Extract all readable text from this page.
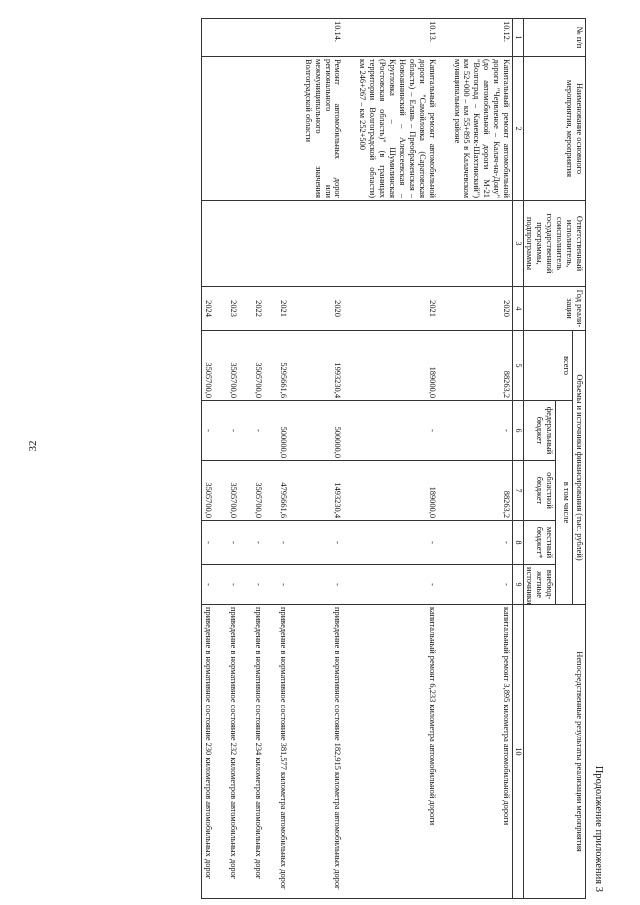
32
Продолжение приложения 3
№ п/п	Наименование основного мероприятия, мероприятия	Ответственный исполнитель, соисполнитель государственной программы, подпрограммы	Год реали-зации	Объемы и источники финансирования (тыс. рублей)					Непосредственные результаты реализации мероприятия
				всего	в том числе				
					федеральный бюджет	областной бюджет	местный бюджет*	внебюд-жетные источники	
1	2	3	4	5	6	7	8	9	10
10.12.	Капитальный ремонт автомобильной дороги "Червленое – Калач-на-Дону" (до автомобильной дороги М-21 "Волгоград – Каменск-Шахтинский") км 52+000 – км 55+895 в Калачевском муниципальном районе		2020	88263,2	-	88263,2	-	-	капитальный ремонт 3,895 километра автомобильной дороги
10.13.	Капитальный ремонт автомобильной дороги "Самойловка (Саратовская область) – Елань – Преображенская – Новоаннинский – Алексеевская – Кругловка – Шумилинская (Ростовская область)" (в границах территории Волгоградской области) км 246+267 – км 252+500		2021	189000,0	-	189000,0	-	-	капитальный ремонт 6,233 километра автомобильной дороги
10.14.	Ремонт автомобильных дорог регионального или межмуниципального значения Волгоградской области		2020	1993230,4	500000,0	1493230,4	-	-	приведение в нормативное состояние 182,915 километра автомобильных дорог
			2021	5295661,6	500000,0	4795661,6	-	-	приведение в нормативное состояние 381,577 километра автомобильных дорог
			2022	3505700,0	-	3505700,0	-	-	приведение в нормативное состояние 234 километров автомобильных дорог
			2023	3505700,0	-	3505700,0	-	-	приведение в нормативное состояние 232 километров автомобильных дорог
			2024	3505700,0	-	3505700,0	-	-	приведение в нормативное состояние 230 километров автомобильных дорог
